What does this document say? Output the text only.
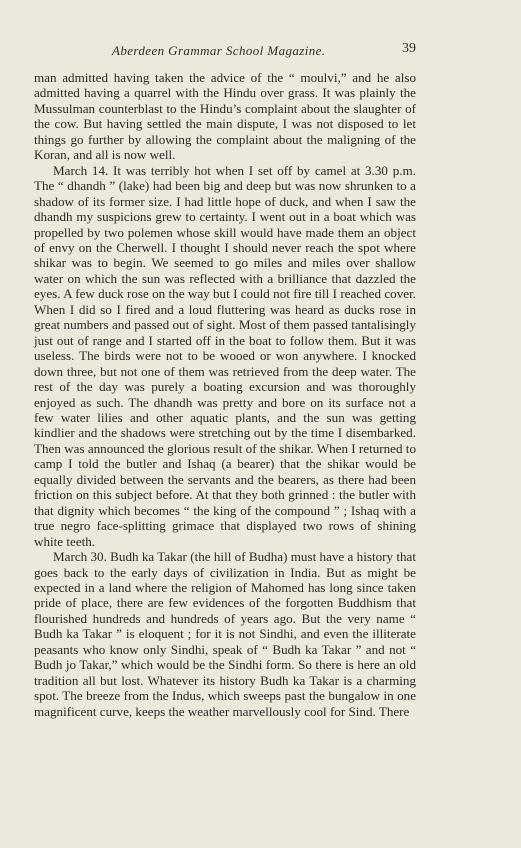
Aberdeen Grammar School Magazine.	39

man admitted having taken the advice of the “ moulvi,” and he also admitted having a quarrel with the Hindu over grass. It was plainly the Mussulman counterblast to the Hindu’s complaint about the slaughter of the cow. But having settled the main dispute, I was not disposed to let things go further by allowing the complaint about the maligning of the Koran, and all is now well.

March 14. It was terribly hot when I set off by camel at 3.30 p.m. The “ dhandh ” (lake) had been big and deep but was now shrunken to a shadow of its former size. I had little hope of duck, and when I saw the dhandh my suspicions grew to certainty. I went out in a boat which was propelled by two polemen whose skill would have made them an object of envy on the Cherwell. I thought I should never reach the spot where shikar was to begin. We seemed to go miles and miles over shallow water on which the sun was reflected with a brilliance that dazzled the eyes. A few duck rose on the way but I could not fire till I reached cover. When I did so I fired and a loud fluttering was heard as ducks rose in great numbers and passed out of sight. Most of them passed tantalisingly just out of range and I started off in the boat to follow them. But it was useless. The birds were not to be wooed or won anywhere. I knocked down three, but not one of them was retrieved from the deep water. The rest of the day was purely a boating excursion and was thoroughly enjoyed as such. The dhandh was pretty and bore on its surface not a few water lilies and other aquatic plants, and the sun was getting kindlier and the shadows were stretching out by the time I disembarked. Then was announced the glorious result of the shikar. When I returned to camp I told the butler and Ishaq (a bearer) that the shikar would be equally divided between the servants and the bearers, as there had been friction on this subject before. At that they both grinned : the butler with that dignity which becomes “ the king of the compound ” ; Ishaq with a true negro face-splitting grimace that displayed two rows of shining white teeth.

March 30. Budh ka Takar (the hill of Budha) must have a history that goes back to the early days of civilization in India. But as might be expected in a land where the religion of Mahomed has long since taken pride of place, there are few evidences of the forgotten Buddhism that flourished hundreds and hundreds of years ago. But the very name “ Budh ka Takar ” is eloquent ; for it is not Sindhi, and even the illiterate peasants who know only Sindhi, speak of “ Budh ka Takar ” and not “ Budh jo Takar,” which would be the Sindhi form. So there is here an old tradition all but lost. Whatever its history Budh ka Takar is a charming spot. The breeze from the Indus, which sweeps past the bungalow in one magnificent curve, keeps the weather marvellously cool for Sind. There
